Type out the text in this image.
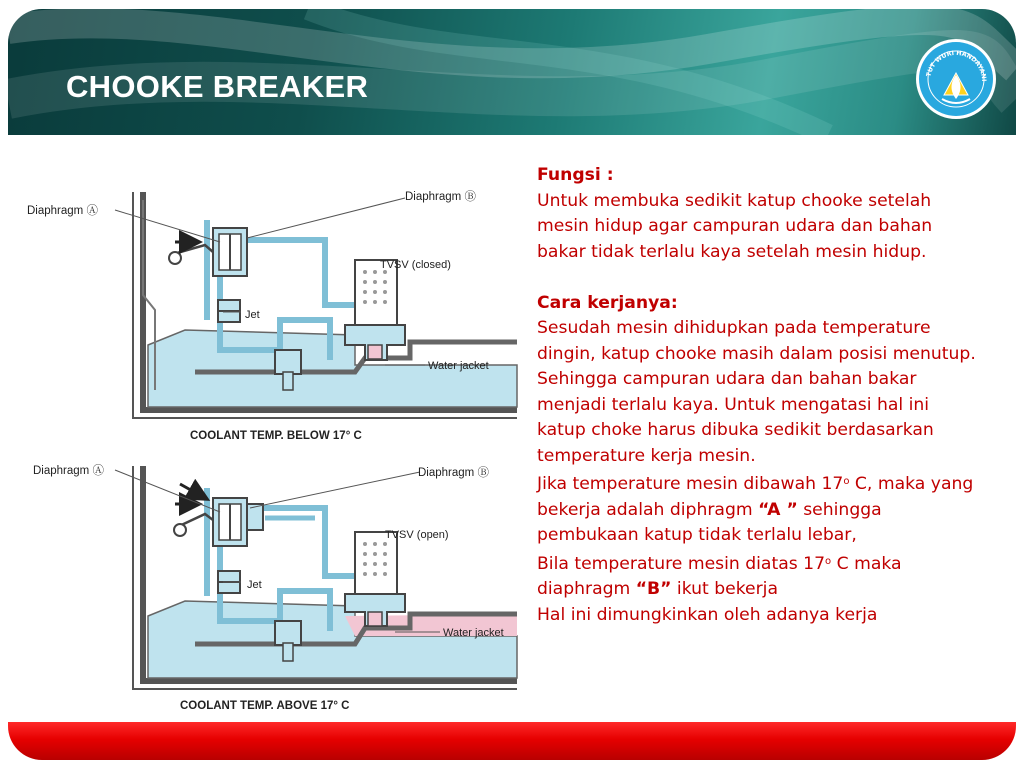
CHOOKE BREAKER	TUT WURI HANDAYANI
Diaphragm Ⓐ
Diaphragm Ⓑ
TVSV (closed)
Jet
Water jacket
COOLANT TEMP. BELOW 17° C
Diaphragm Ⓐ	Diaphragm Ⓑ
TVSV (open)
Jet
Water jacket
COOLANT TEMP. ABOVE 17° C
Fungsi :
Untuk membuka sedikit katup chooke setelah mesin hidup agar campuran udara dan bahan bakar tidak terlalu kaya setelah mesin hidup.
Cara kerjanya:
Sesudah mesin dihidupkan pada temperature dingin, katup chooke masih dalam posisi menutup.
Sehingga campuran udara dan bahan bakar menjadi terlalu kaya. Untuk mengatasi hal ini katup choke harus dibuka sedikit berdasarkan temperature kerja mesin.
Jika temperature mesin dibawah 17$^o$ C, maka yang bekerja adalah diphragm “A ” sehingga pembukaan katup tidak terlalu lebar,
Bila temperature mesin diatas 17$^o$ C maka diaphragm “B” ikut bekerja
Hal ini dimungkinkan oleh adanya kerja
